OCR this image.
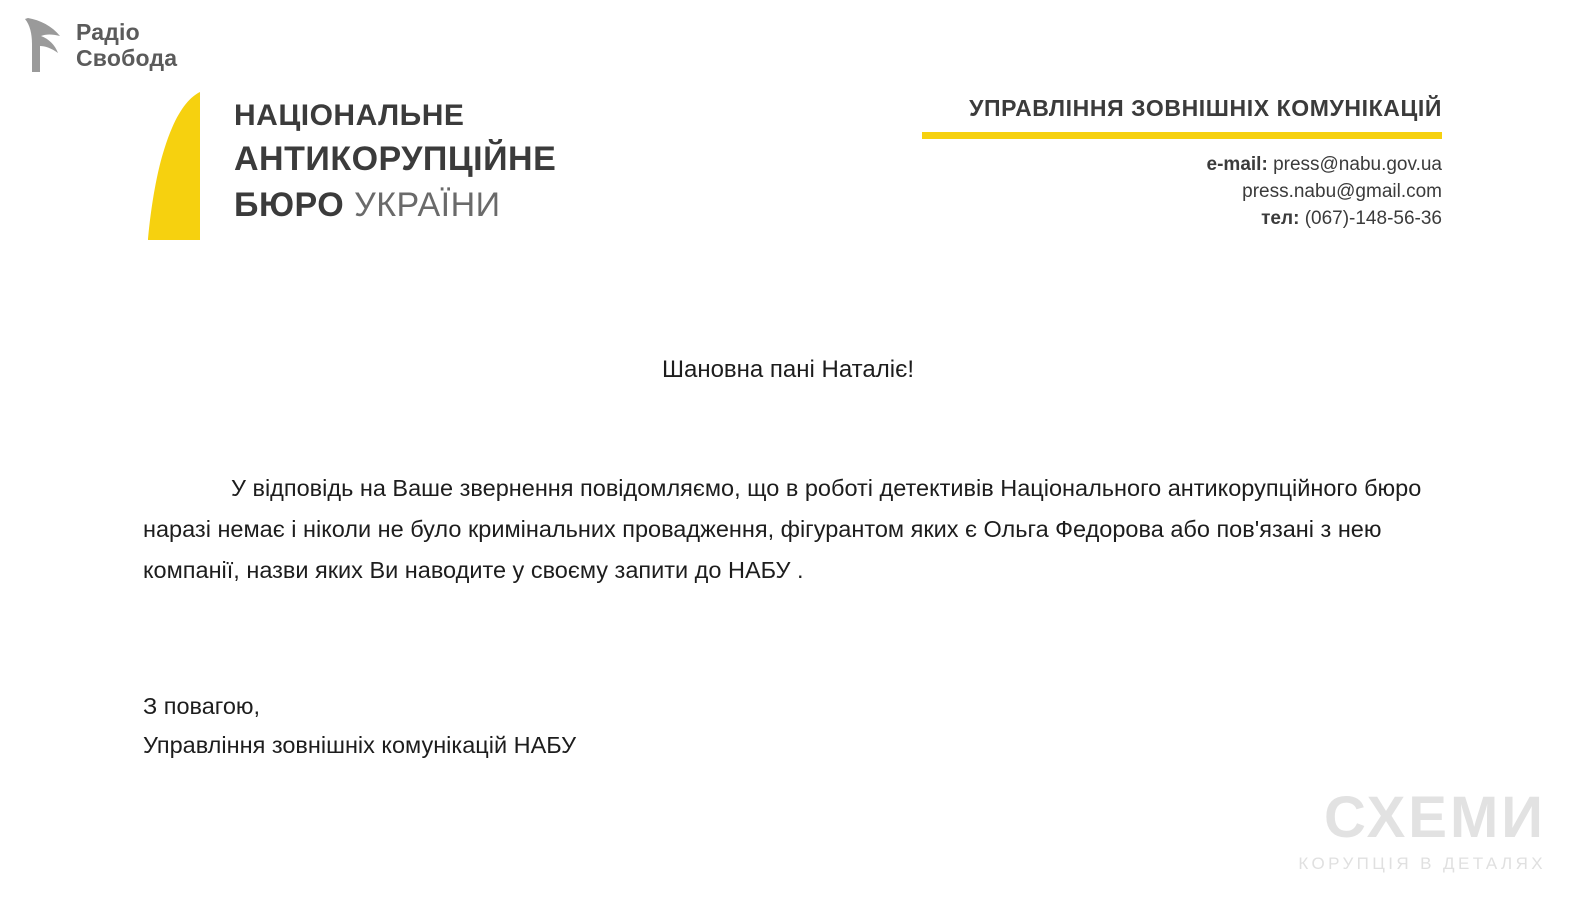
Радіо
Свобода
НАЦІОНАЛЬНЕ
АНТИКОРУПЦІЙНЕ
БЮРО УКРАЇНИ
УПРАВЛІННЯ ЗОВНІШНІХ КОМУНІКАЦІЙ
e-mail: press@nabu.gov.ua
press.nabu@gmail.com
тел: (067)-148-56-36

Шановна пані Наталіє!

У відповідь на Ваше звернення повідомляємо, що в роботі детективів Національного антикорупційного бюро наразі немає і ніколи не було кримінальних провадження, фігурантом яких є Ольга Федорова або пов'язані з нею компанії, назви яких Ви наводите у своєму запити до НАБУ .

З повагою,
Управління зовнішніх комунікацій НАБУ
СХЕМИ
КОРУПЦІЯ В ДЕТАЛЯХ
